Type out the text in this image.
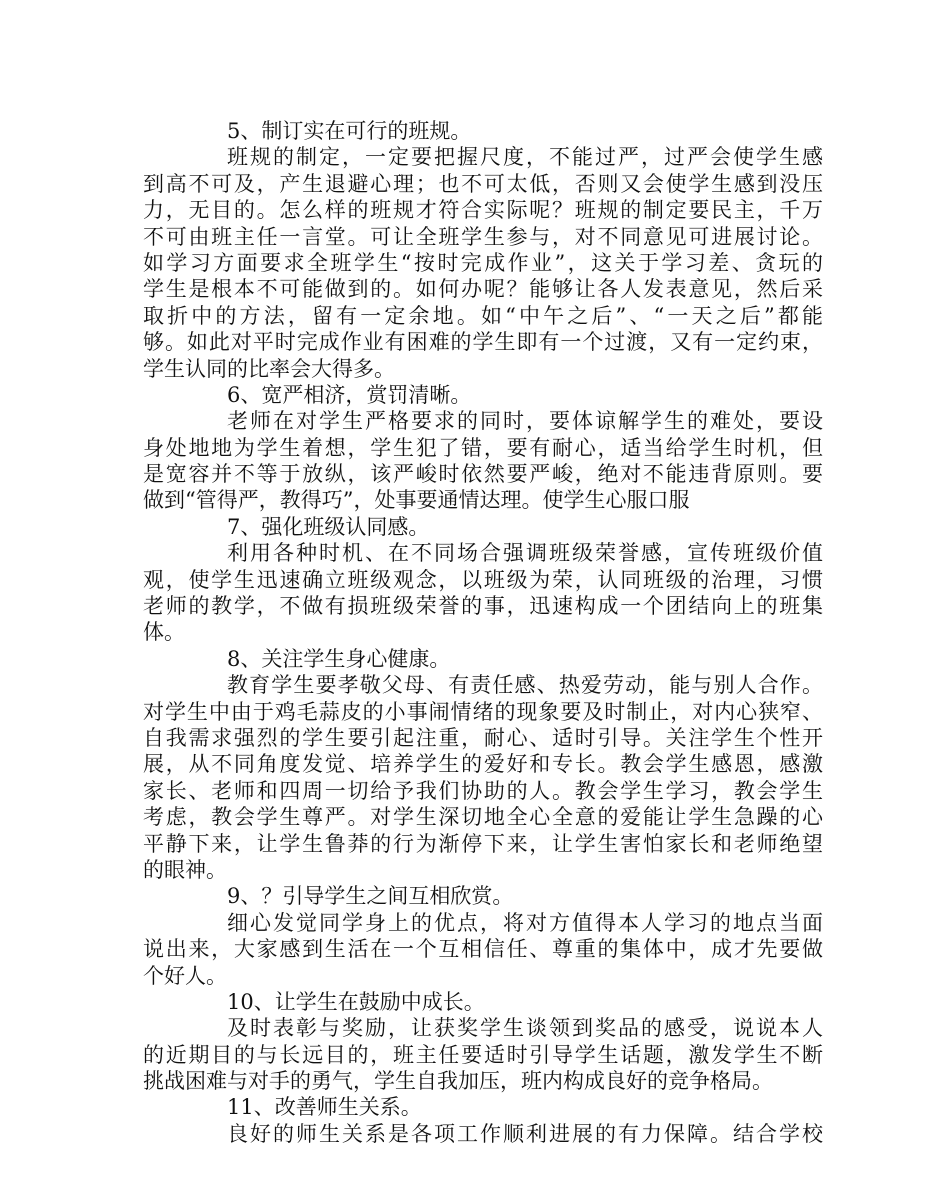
5、制订实在可行的班规。
班规的制定，一定要把握尺度，不能过严，过严会使学生感
到高不可及，产生退避心理；也不可太低，否则又会使学生感到没压
力，无目的。怎么样的班规才符合实际呢？班规的制定要民主，千万
不可由班主任一言堂。可让全班学生参与，对不同意见可进展讨论。
如学习方面要求全班学生“按时完成作业”，这关于学习差、贪玩的
学生是根本不可能做到的。如何办呢？能够让各人发表意见，然后采
取折中的方法，留有一定余地。如“中午之后”、“一天之后”都能
够。如此对平时完成作业有困难的学生即有一个过渡，又有一定约束，
学生认同的比率会大得多。
6、宽严相济，赏罚清晰。
老师在对学生严格要求的同时，要体谅解学生的难处，要设
身处地地为学生着想，学生犯了错，要有耐心，适当给学生时机，但
是宽容并不等于放纵，该严峻时依然要严峻，绝对不能违背原则。要
做到“管得严，教得巧”，处事要通情达理。使学生心服口服
7、强化班级认同感。
利用各种时机、在不同场合强调班级荣誉感，宣传班级价值
观，使学生迅速确立班级观念，以班级为荣，认同班级的治理，习惯
老师的教学，不做有损班级荣誉的事，迅速构成一个团结向上的班集
体。
8、关注学生身心健康。
教育学生要孝敬父母、有责任感、热爱劳动，能与别人合作。
对学生中由于鸡毛蒜皮的小事闹情绪的现象要及时制止，对内心狭窄、
自我需求强烈的学生要引起注重，耐心、适时引导。关注学生个性开
展，从不同角度发觉、培养学生的爱好和专长。教会学生感恩，感激
家长、老师和四周一切给予我们协助的人。教会学生学习，教会学生
考虑，教会学生尊严。对学生深切地全心全意的爱能让学生急躁的心
平静下来，让学生鲁莽的行为渐停下来，让学生害怕家长和老师绝望
的眼神。
9、？引导学生之间互相欣赏。
细心发觉同学身上的优点，将对方值得本人学习的地点当面
说出来，大家感到生活在一个互相信任、尊重的集体中，成才先要做
个好人。
10、让学生在鼓励中成长。
及时表彰与奖励，让获奖学生谈领到奖品的感受，说说本人
的近期目的与长远目的，班主任要适时引导学生话题，激发学生不断
挑战困难与对手的勇气，学生自我加压，班内构成良好的竞争格局。
11、改善师生关系。
良好的师生关系是各项工作顺利进展的有力保障。结合学校
